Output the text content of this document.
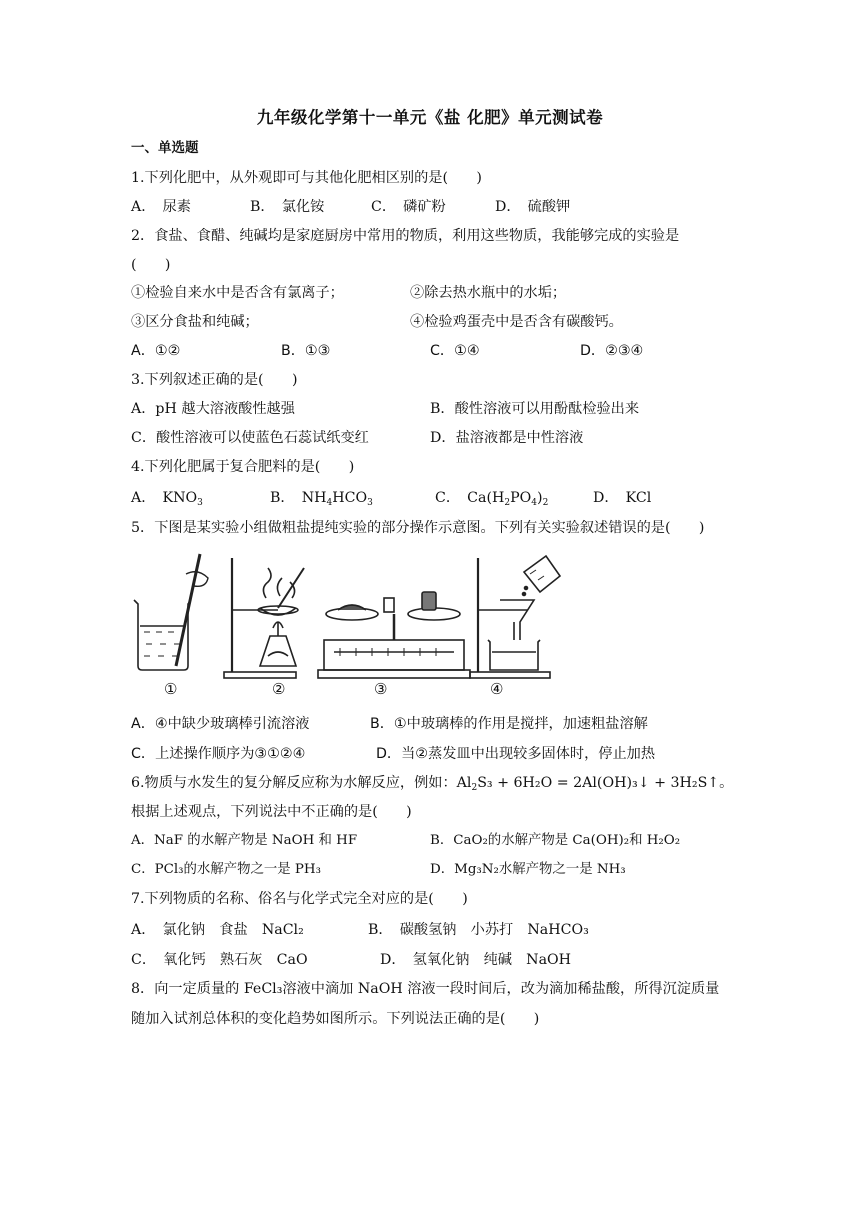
九年级化学第十一单元《盐 化肥》单元测试卷
一、单选题
1.下列化肥中，从外观即可与其他化肥相区别的是(　　)
A．　尿素	B．　氯化铵	C．　磷矿粉	D．　硫酸钾
2．食盐、食醋、纯碱均是家庭厨房中常用的物质，利用这些物质，我能够完成的实验是
(　　)
①检验自来水中是否含有氯离子；	②除去热水瓶中的水垢；
③区分食盐和纯碱；	④检验鸡蛋壳中是否含有碳酸钙。
A．①②	B．①③	C．①④	D．②③④
3.下列叙述正确的是(　　)
A．pH 越大溶液酸性越强	B．酸性溶液可以用酚酞检验出来
C．酸性溶液可以使蓝色石蕊试纸变红	D．盐溶液都是中性溶液
4.下列化肥属于复合肥料的是(　　)
A．　$KNO_3$	B．　$NH_4HCO_3$	C．　$Ca(H_2PO_4)_2$	D．　KCl
5．下图是某实验小组做粗盐提纯实验的部分操作示意图。下列有关实验叙述错误的是(　　)
①	②	③	④
A．④中缺少玻璃棒引流溶液	B．①中玻璃棒的作用是搅拌，加速粗盐溶解
C．上述操作顺序为③①②④	D．当②蒸发皿中出现较多固体时，停止加热
6.物质与水发生的复分解反应称为水解反应，例如：$Al_2S_3 + 6H_2O$ = 2Al(OH)₃↓ + 3H₂S↑。
根据上述观点，下列说法中不正确的是(　　)
A．NaF 的水解产物是 NaOH 和 HF	B．CaO₂的水解产物是 Ca(OH)₂和 H₂O₂
C．PCl₃的水解产物之一是 PH₃	D．Mg₃N₂水解产物之一是 NH₃
7.下列物质的名称、俗名与化学式完全对应的是(　　)
A．　氯化钠　食盐　NaCl₂	B．　碳酸氢钠　小苏打　NaHCO₃
C．　氧化钙　熟石灰　CaO	D．　氢氧化钠　纯碱　NaOH
8．向一定质量的 FeCl₃溶液中滴加 NaOH 溶液一段时间后，改为滴加稀盐酸，所得沉淀质量
随加入试剂总体积的变化趋势如图所示。下列说法正确的是(　　)
